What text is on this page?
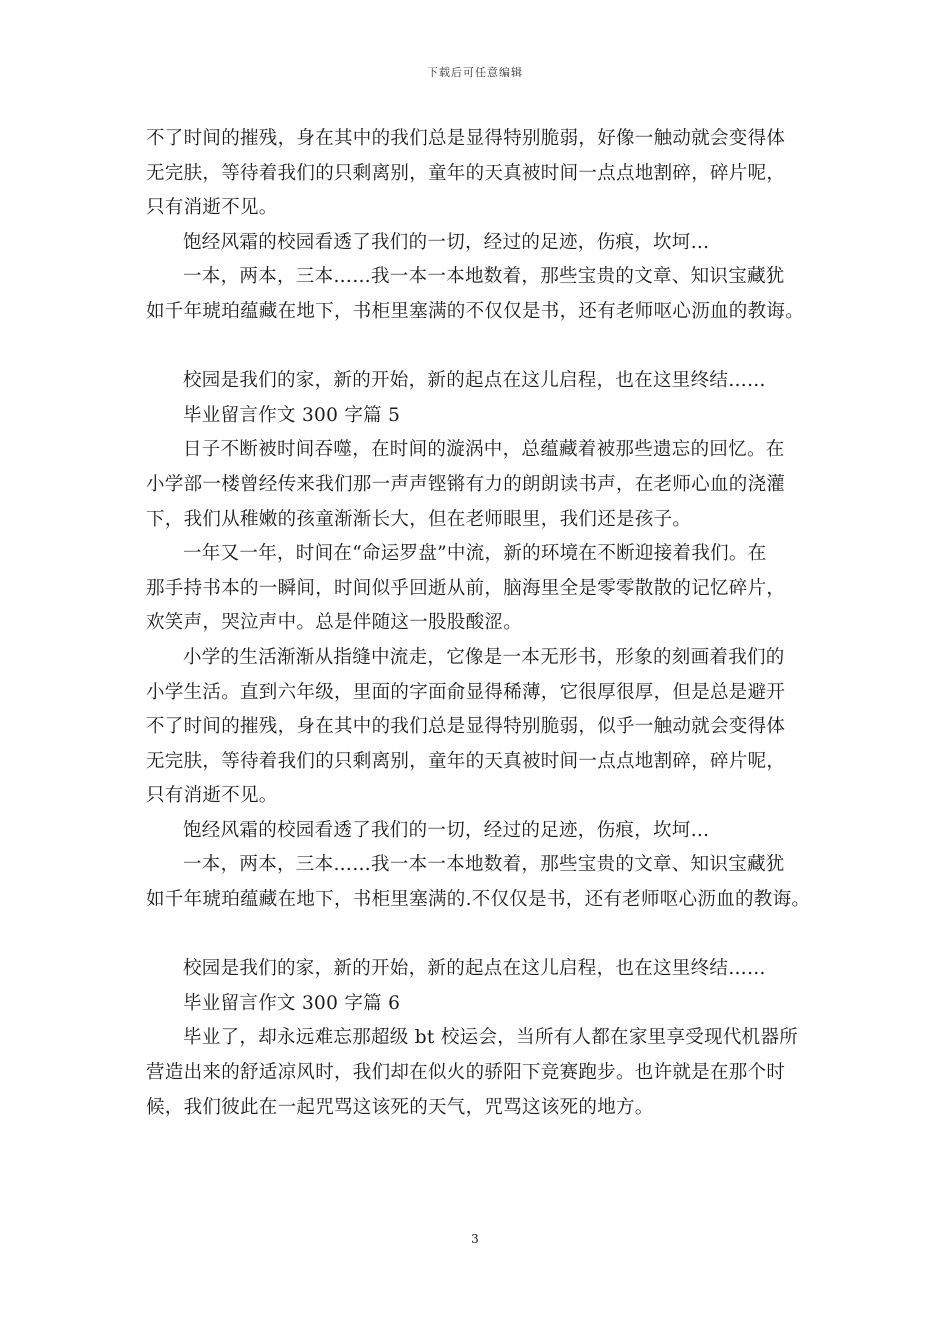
下载后可任意编辑
不了时间的摧残，身在其中的我们总是显得特别脆弱，好像一触动就会变得体
无完肤，等待着我们的只剩离别，童年的天真被时间一点点地割碎，碎片呢，
只有消逝不见。
饱经风霜的校园看透了我们的一切，经过的足迹，伤痕，坎坷…
一本，两本，三本……我一本一本地数着，那些宝贵的文章、知识宝藏犹
如千年琥珀蕴藏在地下，书柜里塞满的不仅仅是书，还有老师呕心沥血的教诲。
校园是我们的家，新的开始，新的起点在这儿启程，也在这里终结……
毕业留言作文 300 字篇 5
日子不断被时间吞噬，在时间的漩涡中，总蕴藏着被那些遗忘的回忆。在
小学部一楼曾经传来我们那一声声铿锵有力的朗朗读书声，在老师心血的浇灌
下，我们从稚嫩的孩童渐渐长大，但在老师眼里，我们还是孩子。
一年又一年，时间在“命运罗盘”中流，新的环境在不断迎接着我们。在
那手持书本的一瞬间，时间似乎回逝从前，脑海里全是零零散散的记忆碎片，
欢笑声，哭泣声中。总是伴随这一股股酸涩。
小学的生活渐渐从指缝中流走，它像是一本无形书，形象的刻画着我们的
小学生活。直到六年级，里面的字面俞显得稀薄，它很厚很厚，但是总是避开
不了时间的摧残，身在其中的我们总是显得特别脆弱，似乎一触动就会变得体
无完肤，等待着我们的只剩离别，童年的天真被时间一点点地割碎，碎片呢，
只有消逝不见。
饱经风霜的校园看透了我们的一切，经过的足迹，伤痕，坎坷…
一本，两本，三本……我一本一本地数着，那些宝贵的文章、知识宝藏犹
如千年琥珀蕴藏在地下，书柜里塞满的.不仅仅是书，还有老师呕心沥血的教诲。
校园是我们的家，新的开始，新的起点在这儿启程，也在这里终结……
毕业留言作文 300 字篇 6
毕业了，却永远难忘那超级 bt 校运会，当所有人都在家里享受现代机器所
营造出来的舒适凉风时，我们却在似火的骄阳下竞赛跑步。也许就是在那个时
候，我们彼此在一起咒骂这该死的天气，咒骂这该死的地方。
3
